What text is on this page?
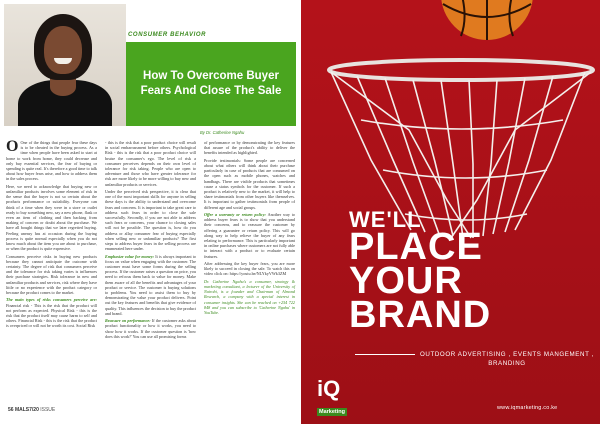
CONSUMER BEHAVIOR
How To Overcome Buyer Fears And Close The Sale
By Dr. Catherine Ngahu

O One of the things that people fear these days is to be cheated in the buying process. As a time when people have been asked to start at home to work from home, they could decrease and only buy essential services, the fear of buying or spending is quite real. It's therefore a good time to talk about how buyer fears arise, and how to address them in the sales process.

Here, we need to acknowledge that buying new or unfamiliar products involves some element of risk in the sense that the buyer is not so certain about the products performance or suitability. Everyone can think of a time when they were in a store or outlet ready to buy something new, say a new phone, flask or even an item of clothing and then backing from making of concern or doubt about the purchase. We have all bought things that we later regretted buying. Feeling uneasy has at occasion during the buying process is quite normal especially when you do not know much about the item you are about to purchase, or when the product is quite expensive.

Consumers perceive risks in buying new products because they cannot anticipate the outcome with certainty. The degree of risk that consumers perceive and the tolerance for risk taking varies is influences their purchase strategies. Risk tolerance in new and unfamiliar products and services, risk where they have little or no experience with the product category or because the product comes to the market.

The main types of risks consumers perceive are: Financial risk - This is the risk that the product will not perform as expected. Physical Risk - this is the risk that the product itself may cause harm to self and others. Financial Risk - this is the risk that the product is overpriced or will not be worth its cost. Social Risk

- this is the risk that a poor product choice will result in social embarrassment before others. Psychological Risk - this is the risk that a poor product choice will bruise the consumer's ego. The level of risk a consumer perceives depends on their own level of tolerance for risk taking. People who are open to adventure and those who have greater tolerance for risk are more likely to be more willing to buy new and unfamiliar products or services.

Under the perceived risk perspective, it is clear that one of the most important skills for anyone in selling these days is the ability to understand and overcome fears and concerns. It is important to take great care to address such fears in order to close the sale successfully. Secondly, if you are not able to address such fears or concerns, your chance to closing sales will not be possible. The question is, how do you address or allay consumer fear of buying especially when selling new or unfamiliar products? The first steps to address buyer fears in the selling process are enumerated here under.

Emphasize value for money: It is always important to focus on value when engaging with the customer. The customer must have some forms during the selling process. If the customer raises a question on price, you need to refocus them back to value for money. Make them aware of all the benefits and advantages of your product or service. The customer is buying solutions to problems. You need to assist them to buy by demonstrating the value your product delivers. Point out the key features and benefits that give evidence of quality. This influences the decision to buy the product and brand.

Reassure on performance: If the customer asks about product functionality or how it works, you need to show how it works. If the customer question is 'how does this work?' You can use all promising forms

of performance or by demonstrating the key features that assure of the product's ability to deliver the benefits intended as highlighted.

Provide testimonials: Some people are concerned about what others will think about their purchase particularly in case of products that are consumed on the open such as mobile phones, watches and handbags. There are visible products that sometimes cause a status symbols for the customer. If such a product is relatively new to the market, it will help to share testimonials from other buyers like themselves. It is important to gather testimonials from people of different age and social groups.

Offer a warranty or return policy: Another way to address buyer fears is to show that you understand their concerns, and to reassure the customer by offering a guarantee or return policy. This will go along way to help relieve the buyer of any fears relating to performance. This is particularly important in online purchases where customers are not fully able to interact with a product or to evaluate certain features.

After addressing the key buyer fears, you are more likely to succeed in closing the sale. To watch this on video click on: https://youtu.be/NLYkyVWk3ZM

Dr. Catherine Ngahu's a consumer, strategy & marketing consultant, a lecturer of the University of Nairobi, is a founder and Chairman of Almond Research, a company with a special interest in consumer insights. She can be reached on +254 722 848 and you can subscribe to 'Catherine Ngahu' in YouTube.

56 MALS7/20 ISSUE
WE'LL
PLACE
YOUR
BRAND
OUTDOOR ADVERTISING , EVENTS MANGEMENT , BRANDING
iQ
Marketing
www.iqmarketing.co.ke
